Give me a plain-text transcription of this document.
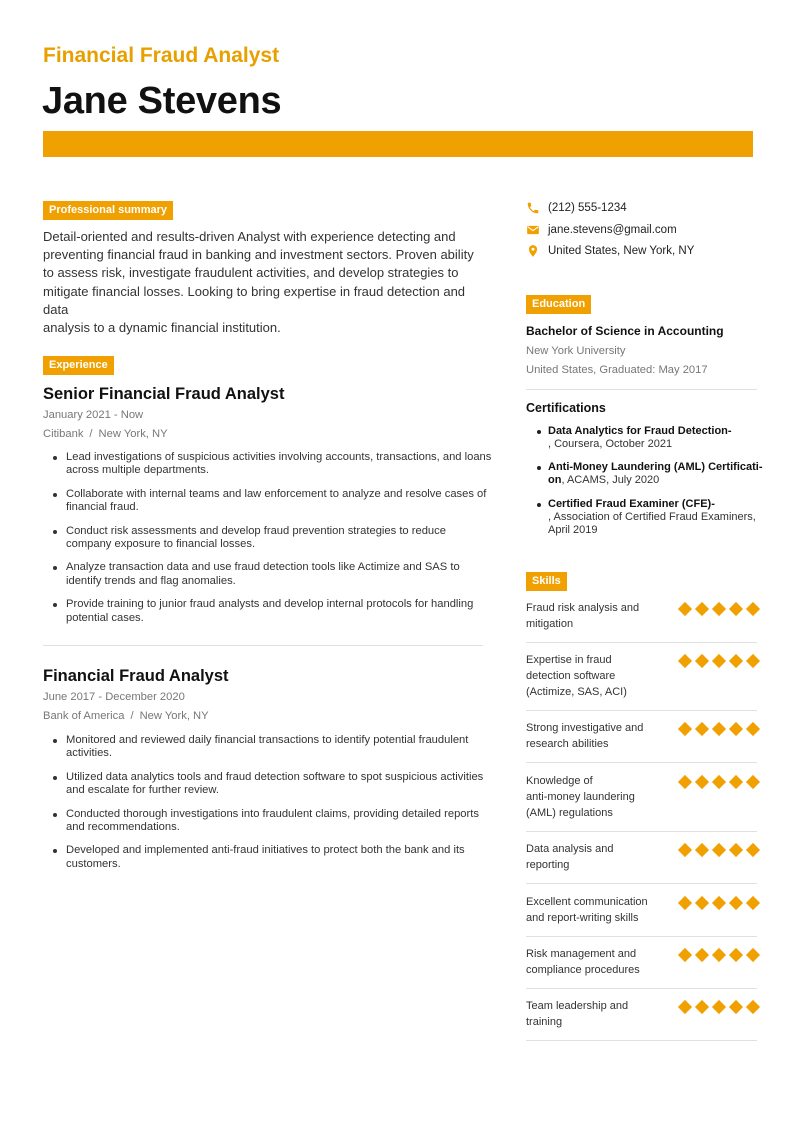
Financial Fraud Analyst
Jane Stevens
Professional summary
Detail-oriented and results-driven Analyst with experience detecting and
preventing financial fraud in banking and investment sectors. Proven ability
to assess risk, investigate fraudulent activities, and develop strategies to
mitigate financial losses. Looking to bring expertise in fraud detection and data
analysis to a dynamic financial institution.
Experience
Senior Financial Fraud Analyst
January 2021 - Now
Citibank / New York, NY
Lead investigations of suspicious activities involving accounts, transactions, and loans
across multiple departments.
Collaborate with internal teams and law enforcement to analyze and resolve cases of
financial fraud.
Conduct risk assessments and develop fraud prevention strategies to reduce
company exposure to financial losses.
Analyze transaction data and use fraud detection tools like Actimize and SAS to
identify trends and flag anomalies.
Provide training to junior fraud analysts and develop internal protocols for handling
potential cases.
Financial Fraud Analyst
June 2017 - December 2020
Bank of America / New York, NY
Monitored and reviewed daily financial transactions to identify potential fraudulent
activities.
Utilized data analytics tools and fraud detection software to spot suspicious activities
and escalate for further review.
Conducted thorough investigations into fraudulent claims, providing detailed reports
and recommendations.
Developed and implemented anti-fraud initiatives to protect both the bank and its
customers.
(212) 555-1234
jane.stevens@gmail.com
United States, New York, NY
Education
Bachelor of Science in Accounting
New York University
United States, Graduated: May 2017
Certifications
Data Analytics for Fraud Detection-
, Coursera, October 2021
Anti-Money Laundering (AML) Certificati-
on, ACAMS, July 2020
Certified Fraud Examiner (CFE)-
, Association of Certified Fraud Examiners,
April 2019
Skills
Fraud risk analysis and
mitigation
Expertise in fraud
detection software
(Actimize, SAS, ACI)
Strong investigative and
research abilities
Knowledge of
anti-money laundering
(AML) regulations
Data analysis and
reporting
Excellent communication
and report-writing skills
Risk management and
compliance procedures
Team leadership and
training
